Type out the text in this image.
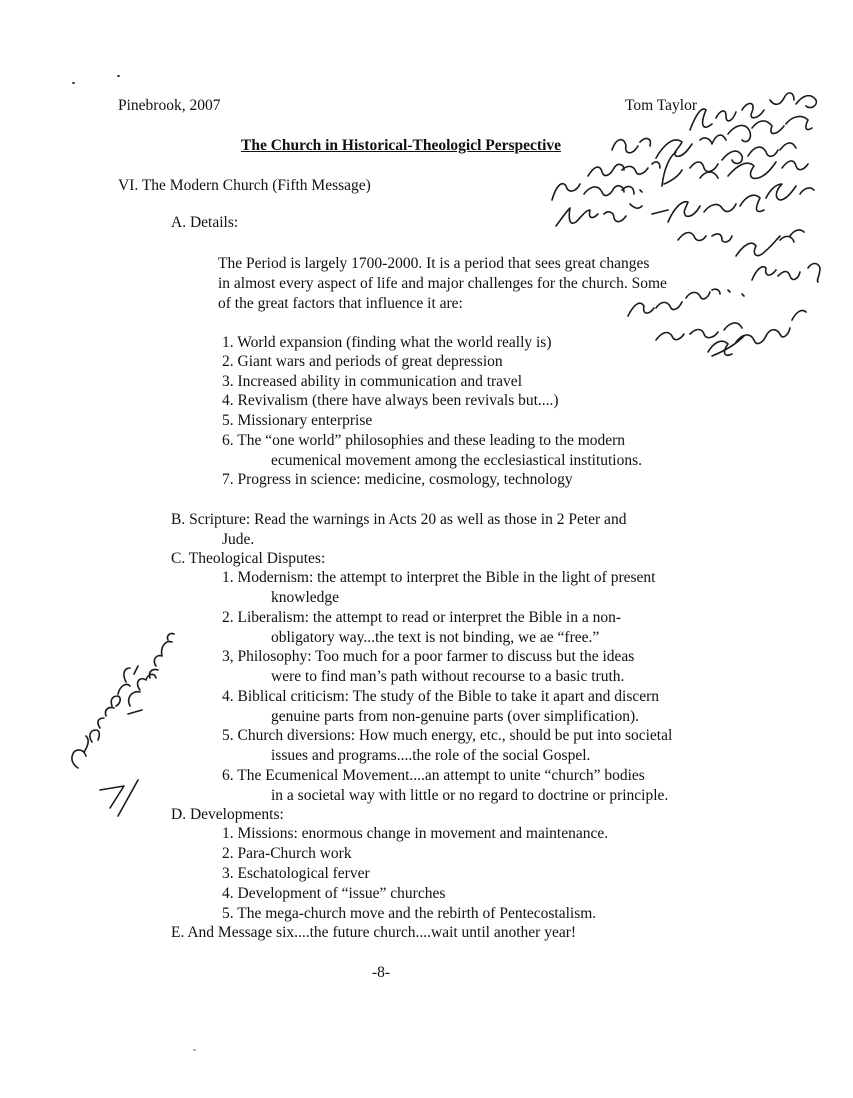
Pinebrook, 2007	Tom Taylor
The Church in Historical-Theologicl Perspective
VI. The Modern Church (Fifth Message)
A. Details:
The Period is largely 1700-2000. It is a period that sees great changes
in almost every aspect of life and major challenges for the church. Some
of the great factors that influence it are:
1. World expansion (finding what the world really is)
2. Giant wars and periods of great depression
3. Increased ability in communication and travel
4. Revivalism (there have always been revivals but....)
5. Missionary enterprise
6. The “one world” philosophies and these leading to the modern
ecumenical movement among the ecclesiastical institutions.
7. Progress in science: medicine, cosmology, technology
B. Scripture: Read the warnings in Acts 20 as well as those in 2 Peter and
Jude.
C. Theological Disputes:
1. Modernism: the attempt to interpret the Bible in the light of present
knowledge
2. Liberalism: the attempt to read or interpret the Bible in a non-
obligatory way...the text is not binding, we ae “free.”
3, Philosophy: Too much for a poor farmer to discuss but the ideas
were to find man’s path without recourse to a basic truth.
4. Biblical criticism: The study of the Bible to take it apart and discern
genuine parts from non-genuine parts (over simplification).
5. Church diversions: How much energy, etc., should be put into societal
issues and programs....the role of the social Gospel.
6. The Ecumenical Movement....an attempt to unite “church” bodies
in a societal way with little or no regard to doctrine or principle.
D. Developments:
1. Missions: enormous change in movement and maintenance.
2. Para-Church work
3. Eschatological ferver
4. Development of “issue” churches
5. The mega-church move and the rebirth of Pentecostalism.
E. And Message six....the future church....wait until another year!
-8-
